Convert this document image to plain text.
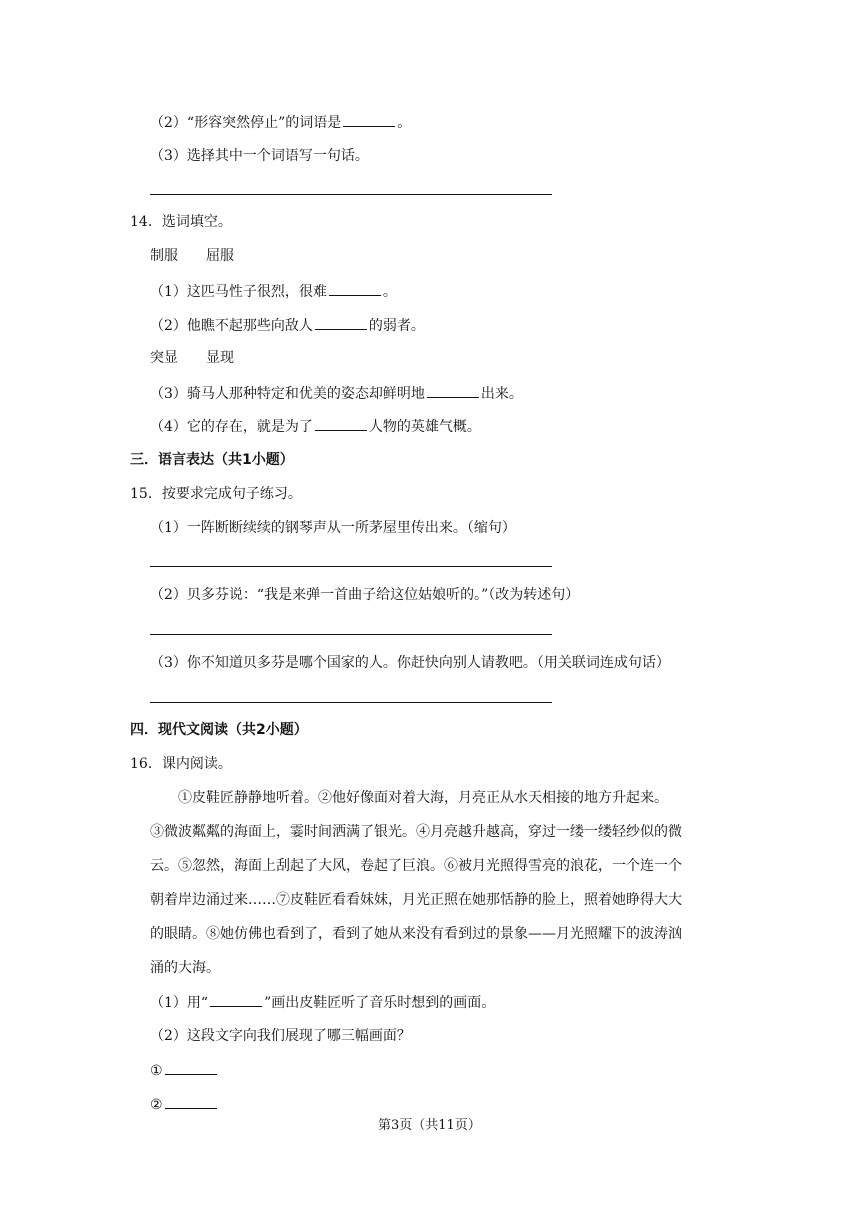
（2）“形容突然停止”的词语是	。
（3）选择其中一个词语写一句话。
14．选词填空。
制服　　屈服
（1）这匹马性子很烈，很难	。
（2）他瞧不起那些向敌人	的弱者。
突显　　显现
（3）骑马人那种特定和优美的姿态却鲜明地	出来。
（4）它的存在，就是为了	人物的英雄气概。
三．语言表达（共1小题）
15．按要求完成句子练习。
（1）一阵断断续续的钢琴声从一所茅屋里传出来。（缩句）
（2）贝多芬说：“我是来弹一首曲子给这位姑娘听的。”（改为转述句）
（3）你不知道贝多芬是哪个国家的人。你赶快向别人请教吧。（用关联词连成句话）
四．现代文阅读（共2小题）
16．课内阅读。
　　①皮鞋匠静静地听着。②他好像面对着大海，月亮正从水天相接的地方升起来。
③微波粼粼的海面上，霎时间洒满了银光。④月亮越升越高，穿过一缕一缕轻纱似的微
云。⑤忽然，海面上刮起了大风，卷起了巨浪。⑥被月光照得雪亮的浪花，一个连一个
朝着岸边涌过来……⑦皮鞋匠看看妹妹，月光正照在她那恬静的脸上，照着她睁得大大
的眼睛。⑧她仿佛也看到了，看到了她从来没有看到过的景象——月光照耀下的波涛汹
涌的大海。
（1）用“	”画出皮鞋匠听了音乐时想到的画面。
（2）这段文字向我们展现了哪三幅画面？
①
②
第3页（共11页）
